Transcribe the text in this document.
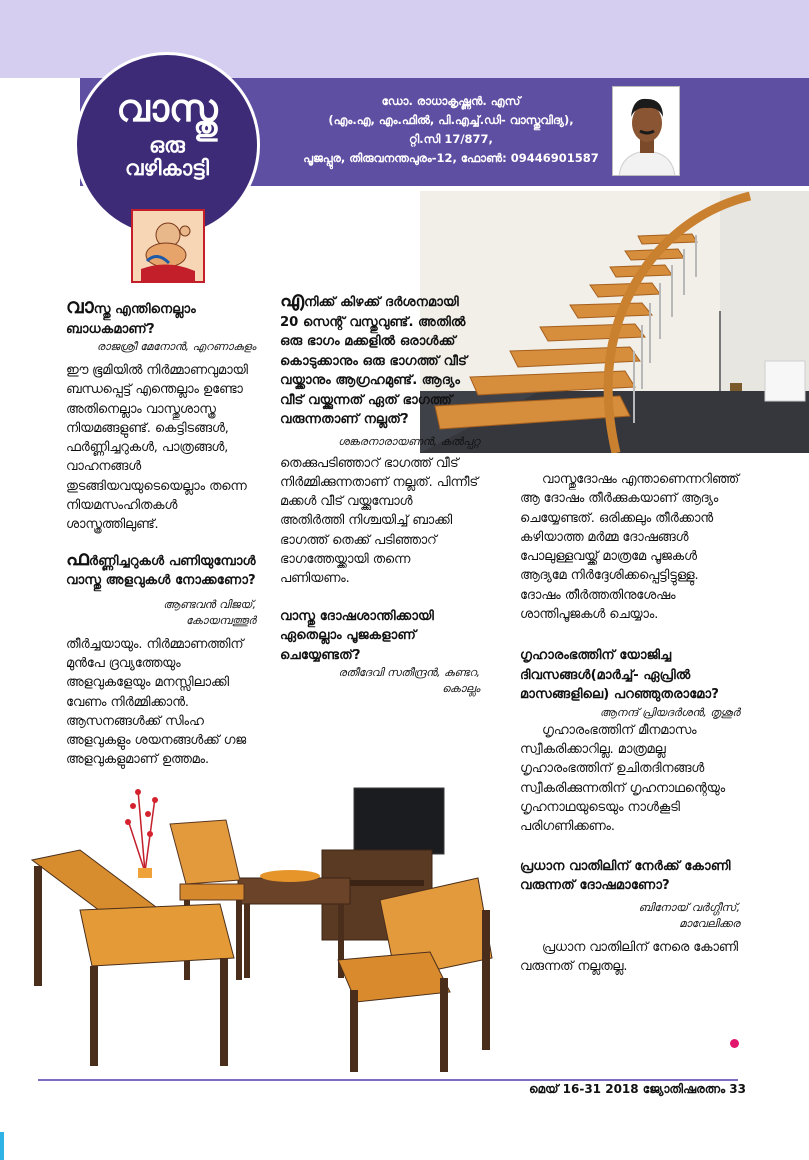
വാസ്തു
ഒരു
വഴികാട്ടി
ഡോ. രാധാകൃഷ്ണൻ. എസ്
(എം.എ, എം.ഫിൽ, പി.എച്ച്.ഡി- വാസ്തുവിദ്യ),
റ്റി.സി 17/877,
പൂജപ്പുര, തിരുവനന്തപുരം-12, ഫോൺ: 09446901587

വാസ്തു എന്തിനെല്ലാം ബാധകമാണ്?

രാജശ്രീ മേനോൻ, എറണാകുളം

ഈ ഭൂമിയിൽ നിർമ്മാണവുമായി ബന്ധപ്പെട്ട് എന്തെല്ലാം ഉണ്ടോ അതിനെല്ലാം വാസ്തുശാസ്ത്ര നിയമങ്ങളുണ്ട്. കെട്ടിടങ്ങൾ, ഫർണ്ണിച്ചറുകൾ, പാത്രങ്ങൾ, വാഹനങ്ങൾ തുടങ്ങിയവയുടെയെല്ലാം തന്നെ നിയമസംഹിതകൾ ശാസ്ത്രത്തിലുണ്ട്.

ഫർണ്ണിച്ചറുകൾ പണിയുമ്പോൾ വാസ്തു അളവുകൾ നോക്കണോ?

ആണ്ടവൻ വിജയ്,

കോയമ്പത്തൂർ

തീർച്ചയായും. നിർമ്മാണത്തിന് മുൻപേ ദ്രവ്യത്തേയും അളവുകളേയും മനസ്സിലാക്കി വേണം നിർമ്മിക്കാൻ. ആസനങ്ങൾക്ക് സിംഹ അളവുകളും ശയനങ്ങൾക്ക് ഗജ അളവുകളുമാണ് ഉത്തമം.

എനിക്ക് കിഴക്ക് ദർശനമായി 20 സെന്റ് വസ്തുവുണ്ട്. അതിൽ ഒരു ഭാഗം മക്കളിൽ ഒരാൾക്ക് കൊടുക്കാനും ഒരു ഭാഗത്ത് വീട് വയ്ക്കാനും ആഗ്രഹമുണ്ട്. ആദ്യം വീട് വയ്ക്കുന്നത് ഏത് ഭാഗത്ത് വരുന്നതാണ് നല്ലത്?

ശങ്കരനാരായണൻ, കൽപ്പറ്റ

തെക്കുപടിഞ്ഞാറ് ഭാഗത്ത് വീട് നിർമ്മിക്കുന്നതാണ് നല്ലത്. പിന്നീട് മക്കൾ വീട് വയ്ക്കുമ്പോൾ അതിർത്തി നിശ്ചയിച്ച് ബാക്കി ഭാഗത്ത് തെക്ക് പടിഞ്ഞാറ് ഭാഗത്തേയ്ക്കായി തന്നെ പണിയണം.

വാസ്തു ദോഷശാന്തിക്കായി ഏതെല്ലാം പൂജകളാണ് ചെയ്യേണ്ടത്?

രതീദേവി സതീന്ദ്രൻ, കുണ്ടറ,

കൊല്ലം

വാസ്തുദോഷം എന്താണെന്നറിഞ്ഞ് ആ ദോഷം തീർക്കുകയാണ് ആദ്യം ചെയ്യേണ്ടത്. ഒരിക്കലും തീർക്കാൻ കഴിയാത്ത മർമ്മ ദോഷങ്ങൾ പോലുള്ളവയ്ക്ക് മാത്രമേ പൂജകൾ ആദ്യമേ നിർദ്ദേശിക്കപ്പെട്ടിട്ടുള്ളു. ദോഷം തീർത്തതിനുശേഷം ശാന്തിപൂജകൾ ചെയ്യാം.

ഗൃഹാരംഭത്തിന് യോജിച്ച ദിവസങ്ങൾ(മാർച്ച്- ഏപ്രിൽ മാസങ്ങളിലെ) പറഞ്ഞുതരാമോ?

ആനന്ദ് പ്രിയദർശൻ, തൃശൂർ

ഗൃഹാരംഭത്തിന് മീനമാസം സ്വീകരിക്കാറില്ല. മാത്രമല്ല ഗൃഹാരംഭത്തിന് ഉചിതദിനങ്ങൾ സ്വീകരിക്കുന്നതിന് ഗൃഹനാഥന്റെയും ഗൃഹനാഥയുടെയും നാൾകൂടി പരിഗണിക്കണം.

പ്രധാന വാതിലിന് നേർക്ക് കോണി വരുന്നത് ദോഷമാണോ?

ബിനോയ് വർഗ്ഗീസ്,

മാവേലിക്കര

പ്രധാന വാതിലിന് നേരെ കോണി വരുന്നത് നല്ലതല്ല.

മെയ് 16-31 2018 ജ്യോതിഷരത്നം 33
